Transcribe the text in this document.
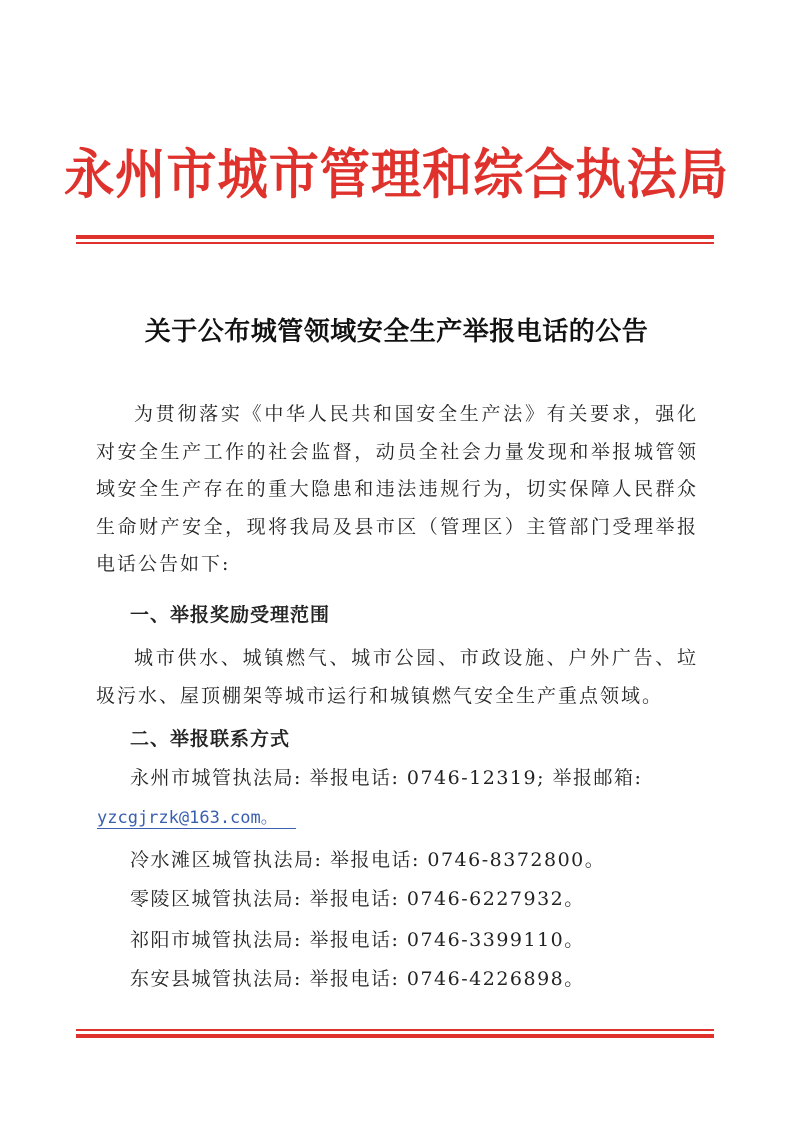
永州市城市管理和综合执法局
关于公布城管领域安全生产举报电话的公告
为贯彻落实《中华人民共和国安全生产法》有关要求，强化对安全生产工作的社会监督，动员全社会力量发现和举报城管领域安全生产存在的重大隐患和违法违规行为，切实保障人民群众生命财产安全，现将我局及县市区（管理区）主管部门受理举报电话公告如下:
一、举报奖励受理范围
城市供水、城镇燃气、城市公园、市政设施、户外广告、垃圾污水、屋顶棚架等城市运行和城镇燃气安全生产重点领域。
二、举报联系方式
永州市城管执法局: 举报电话: 0746-12319; 举报邮箱:
yzcgjrzk@163.com。
冷水滩区城管执法局: 举报电话: 0746-8372800。
零陵区城管执法局: 举报电话: 0746-6227932。
祁阳市城管执法局: 举报电话: 0746-3399110。
东安县城管执法局: 举报电话: 0746-4226898。
